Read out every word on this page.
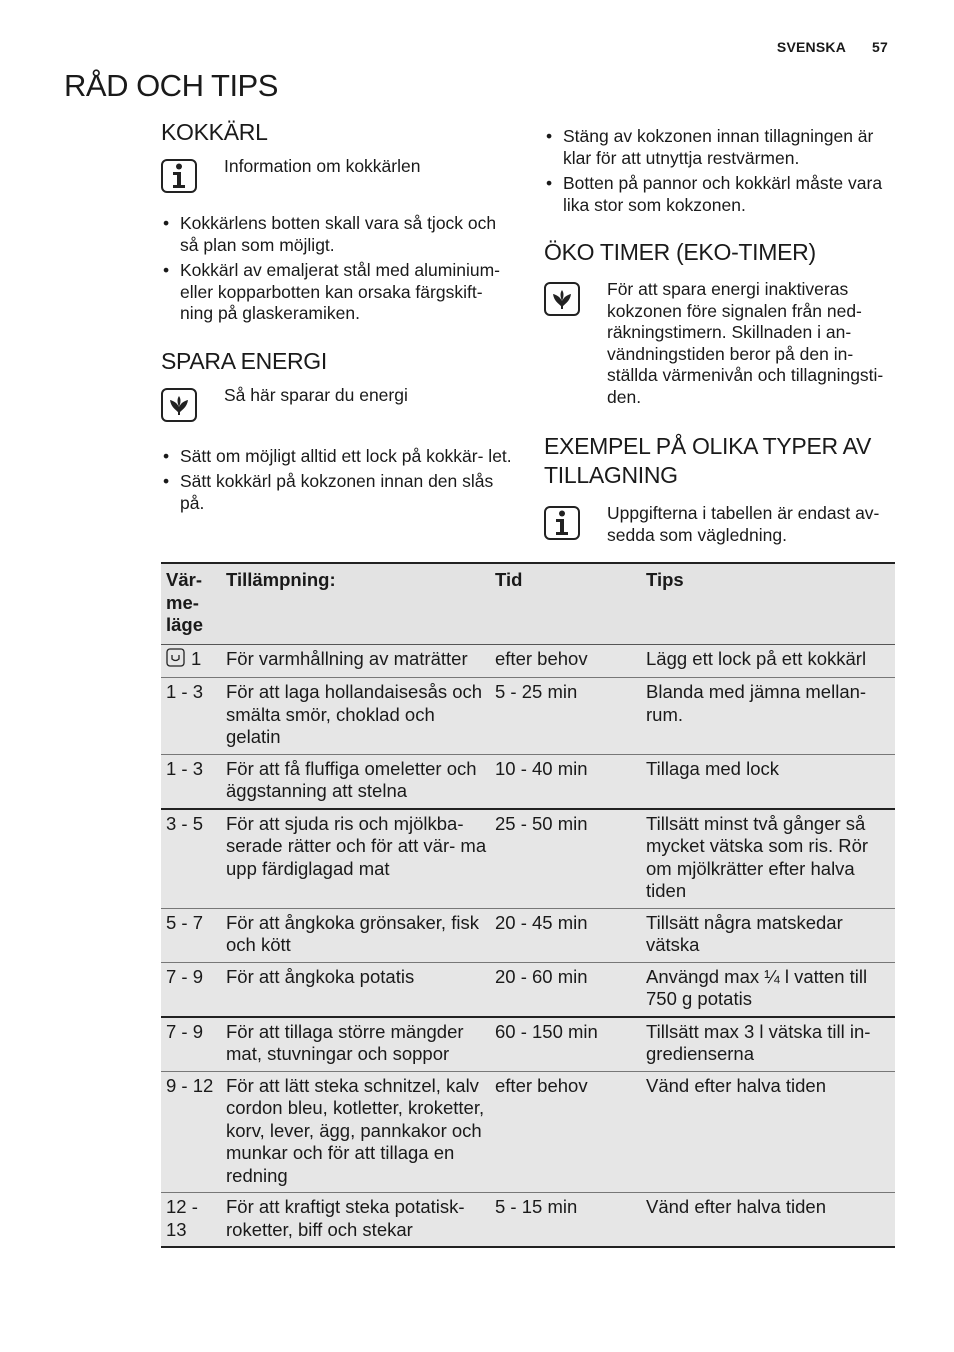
SVENSKA 57
RÅD OCH TIPS
KOKKÄRL
Information om kokkärlen
• Kokkärlens botten skall vara så tjock och så plan som möjligt.
• Kokkärl av emaljerat stål med aluminium- eller kopparbotten kan orsaka färgskift- ning på glaskeramiken.
SPARA ENERGI
Så här sparar du energi
• Sätt om möjligt alltid ett lock på kokkär- let.
• Sätt kokkärl på kokzonen innan den slås på.
• Stäng av kokzonen innan tillagningen är klar för att utnyttja restvärmen.
• Botten på pannor och kokkärl måste vara lika stor som kokzonen.
ÖKO TIMER (EKO-TIMER)
För att spara energi inaktiveras kokzonen före signalen från ned- räkningstimern. Skillnaden i an- vändningstiden beror på den in- ställda värmenivån och tillagningsti- den.
EXEMPEL PÅ OLIKA TYPER AV TILLAGNING
Uppgifterna i tabellen är endast av- sedda som vägledning.
Vär- me- läge	Tillämpning:	Tid	Tips
1	För varmhållning av maträtter	efter behov	Lägg ett lock på ett kokkärl
1 - 3	För att laga hollandaisesås och smälta smör, choklad och gelatin	5 - 25 min	Blanda med jämna mellan- rum.
1 - 3	För att få fluffiga omeletter och äggstanning att stelna	10 - 40 min	Tillaga med lock
3 - 5	För att sjuda ris och mjölkba- serade rätter och för att vär- ma upp färdiglagad mat	25 - 50 min	Tillsätt minst två gånger så mycket vätska som ris. Rör om mjölkrätter efter halva tiden
5 - 7	För att ångkoka grönsaker, fisk och kött	20 - 45 min	Tillsätt några matskedar vätska
7 - 9	För att ångkoka potatis	20 - 60 min	Använgd max ¼ l vatten till 750 g potatis
7 - 9	För att tillaga större mängder mat, stuvningar och soppor	60 - 150 min	Tillsätt max 3 l vätska till in- gredienserna
9 - 12	För att lätt steka schnitzel, kalv cordon bleu, kotletter, kroketter, korv, lever, ägg, pannkakor och munkar och för att tillaga en redning	efter behov	Vänd efter halva tiden
12 - 13	För att kraftigt steka potatisk- roketter, biff och stekar	5 - 15 min	Vänd efter halva tiden
